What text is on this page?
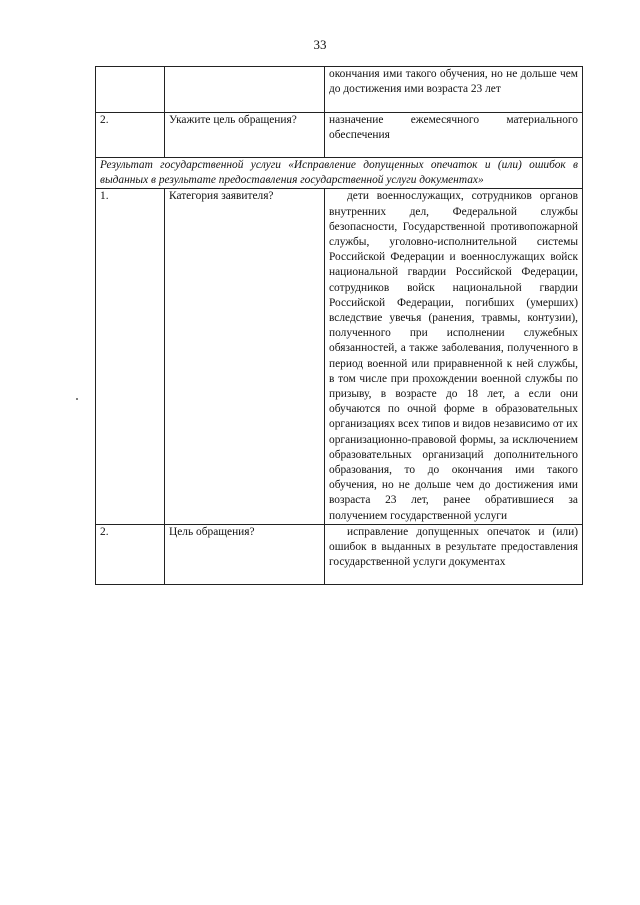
33
		окончания ими такого обучения, но не дольше чем до достижения ими возраста 23 лет
2.	Укажите цель обращения?	назначение ежемесячного материального обеспечения
Результат государственной услуги «Исправление допущенных опечаток и (или) ошибок в выданных в результате предоставления государственной услуги документах»		
1.	Категория заявителя?	дети военнослужащих, сотрудников органов внутренних дел, Федеральной службы безопасности, Государственной противопожарной службы, уголовно-исполнительной системы Российской Федерации и военнослужащих войск национальной гвардии Российской Федерации, сотрудников войск национальной гвардии Российской Федерации, погибших (умерших) вследствие увечья (ранения, травмы, контузии), полученного при исполнении служебных обязанностей, а также заболевания, полученного в период военной или приравненной к ней службы, в том числе при прохождении военной службы по призыву, в возрасте до 18 лет, а если они обучаются по очной форме в образовательных организациях всех типов и видов независимо от их организационно-правовой формы, за исключением образовательных организаций дополнительного образования, то до окончания ими такого обучения, но не дольше чем до достижения ими возраста 23 лет, ранее обратившиеся за получением государственной услуги

2.	Цель обращения?	исправление допущенных опечаток и (или) ошибок в выданных в результате предоставления государственной услуги документах
